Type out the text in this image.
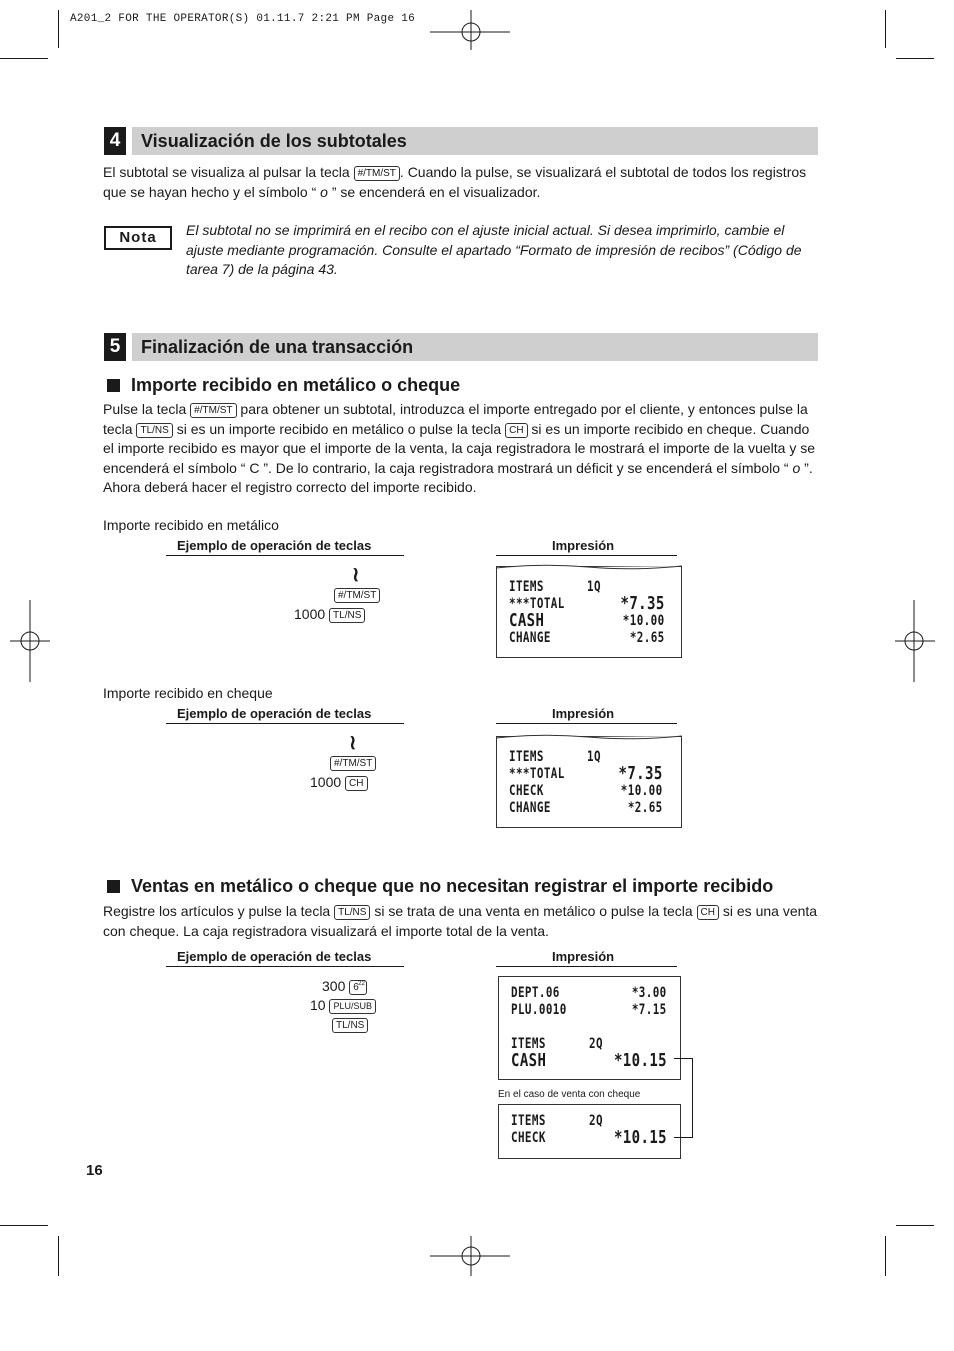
A201_2 FOR THE OPERATOR(S) 01.11.7 2:21 PM Page 16
4	Visualización de los subtotales
El subtotal se visualiza al pulsar la tecla #/TM/ST . Cuando la pulse, se visualizará el subtotal de todos los registros que se hayan hecho y el símbolo “ o ” se encenderá en el visualizador.
Nota	El subtotal no se imprimirá en el recibo con el ajuste inicial actual. Si desea imprimirlo, cambie el ajuste mediante programación. Consulte el apartado “Formato de impresión de recibos” (Código de tarea 7) de la página 43.
5	Finalización de una transacción
Importe recibido en metálico o cheque
Pulse la tecla #/TM/ST para obtener un subtotal, introduzca el importe entregado por el cliente, y entonces pulse la tecla TL/NS si es un importe recibido en metálico o pulse la tecla CH si es un importe recibido en cheque. Cuando el importe recibido es mayor que el importe de la venta, la caja registradora le mostrará el importe de la vuelta y se encenderá el símbolo “ C ”. De lo contrario, la caja registradora mostrará un déficit y se encenderá el símbolo “ o ”. Ahora deberá hacer el registro correcto del importe recibido.
Importe recibido en metálico
Ejemplo de operación de teclas	Impresión
≀
#/TM/ST
1000 TL/NS
ITEMS	1Q
***TOTAL	*7.35
CASH	*10.00
CHANGE	*2.65
Importe recibido en cheque
Ejemplo de operación de teclas	Impresión
≀
#/TM/ST
1000 CH
ITEMS	1Q
***TOTAL	*7.35
CHECK	*10.00
CHANGE	*2.65
Ventas en metálico o cheque que no necesitan registrar el importe recibido
Registre los artículos y pulse la tecla TL/NS si se trata de una venta en metálico o pulse la tecla CH si es una venta con cheque. La caja registradora visualizará el importe total de la venta.
Ejemplo de operación de teclas	Impresión
300 6 22
10 PLU/SUB
TL/NS
DEPT.06	*3.00
PLU.0010	*7.15
ITEMS	2Q
CASH	*10.15
En el caso de venta con cheque
ITEMS	2Q
CHECK	*10.15
16
